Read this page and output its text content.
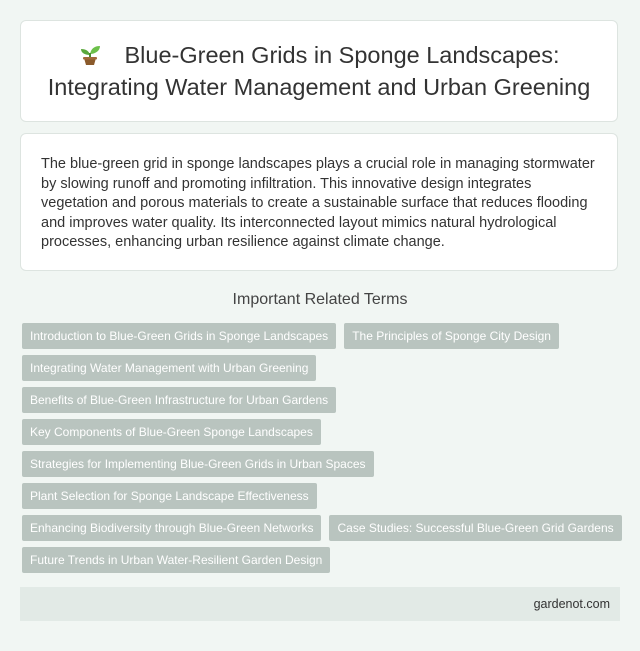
Blue-Green Grids in Sponge Landscapes: Integrating Water Management and Urban Greening

The blue-green grid in sponge landscapes plays a crucial role in managing stormwater by slowing runoff and promoting infiltration. This innovative design integrates vegetation and porous materials to create a sustainable surface that reduces flooding and improves water quality. Its interconnected layout mimics natural hydrological processes, enhancing urban resilience against climate change.

Important Related Terms
Introduction to Blue-Green Grids in Sponge Landscapes	The Principles of Sponge City Design
Integrating Water Management with Urban Greening
Benefits of Blue-Green Infrastructure for Urban Gardens
Key Components of Blue-Green Sponge Landscapes
Strategies for Implementing Blue-Green Grids in Urban Spaces
Plant Selection for Sponge Landscape Effectiveness
Enhancing Biodiversity through Blue-Green Networks	Case Studies: Successful Blue-Green Grid Gardens
Future Trends in Urban Water-Resilient Garden Design
gardenot.com
